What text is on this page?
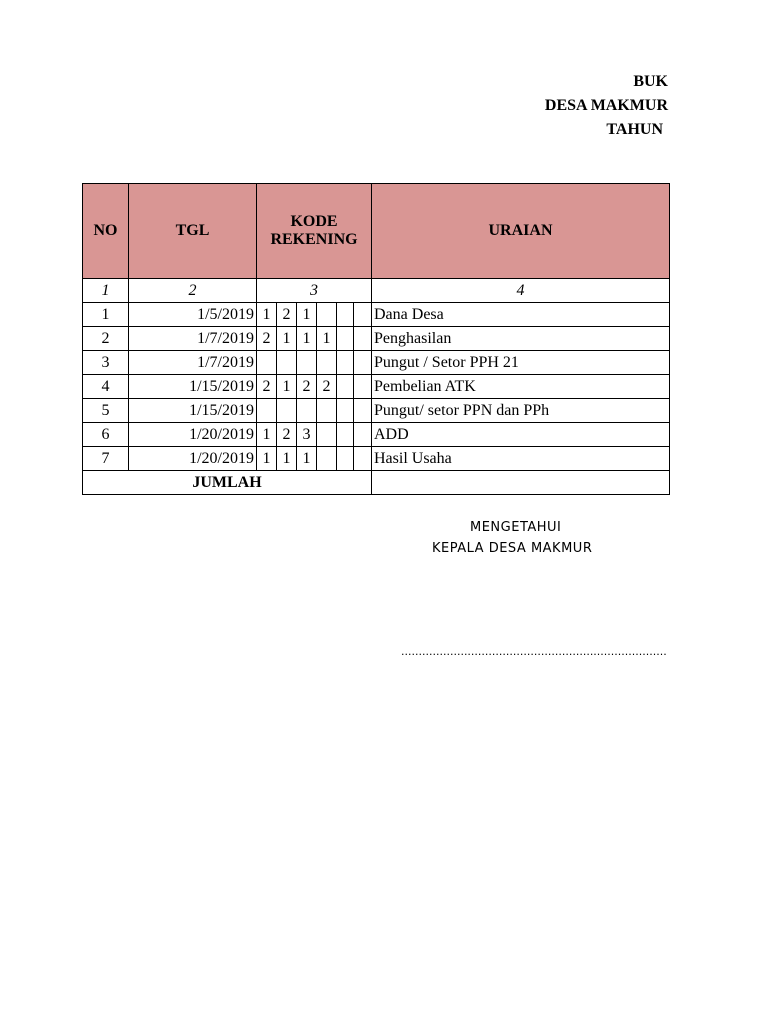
BUK
DESA MAKMUR
TAHUN
NO	TGL	KODE REKENING						URAIAN
1	2	3						4
1	1/5/2019	1	2	1				Dana Desa
2	1/7/2019	2	1	1	1			Penghasilan
3	1/7/2019							Pungut / Setor PPH 21
4	1/15/2019	2	1	2	2			Pembelian ATK
5	1/15/2019							Pungut/ setor PPN dan PPh
6	1/20/2019	1	2	3				ADD
7	1/20/2019	1	1	1				Hasil Usaha
JUMLAH								
MENGETAHUI
KEPALA DESA MAKMUR
............................................................................
